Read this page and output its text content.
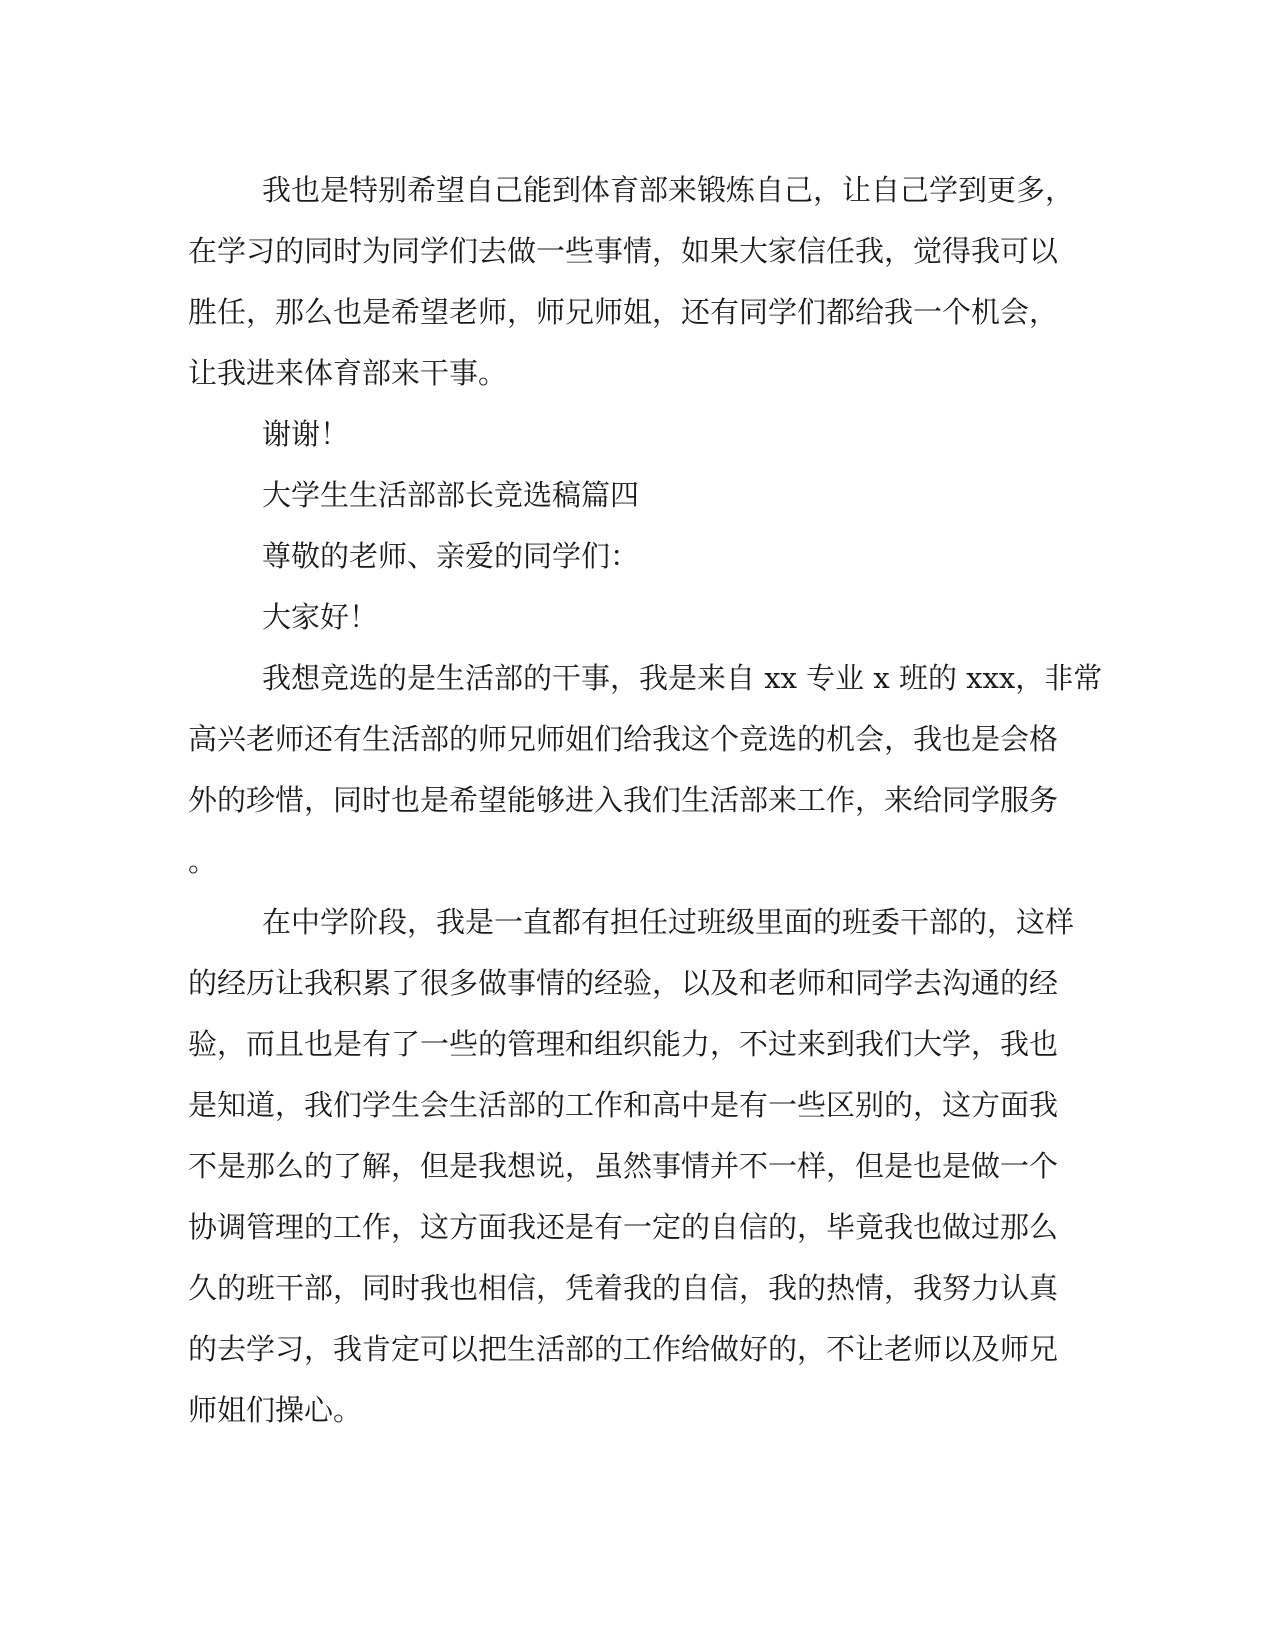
我也是特别希望自己能到体育部来锻炼自己，让自己学到更多，
在学习的同时为同学们去做一些事情，如果大家信任我，觉得我可以
胜任，那么也是希望老师，师兄师姐，还有同学们都给我一个机会，
让我进来体育部来干事。
谢谢！
大学生生活部部长竞选稿篇四
尊敬的老师、亲爱的同学们：
大家好！
我想竞选的是生活部的干事，我是来自 xx 专业 x 班的 xxx，非常
高兴老师还有生活部的师兄师姐们给我这个竞选的机会，我也是会格
外的珍惜，同时也是希望能够进入我们生活部来工作，来给同学服务
。
在中学阶段，我是一直都有担任过班级里面的班委干部的，这样
的经历让我积累了很多做事情的经验，以及和老师和同学去沟通的经
验，而且也是有了一些的管理和组织能力，不过来到我们大学，我也
是知道，我们学生会生活部的工作和高中是有一些区别的，这方面我
不是那么的了解，但是我想说，虽然事情并不一样，但是也是做一个
协调管理的工作，这方面我还是有一定的自信的，毕竟我也做过那么
久的班干部，同时我也相信，凭着我的自信，我的热情，我努力认真
的去学习，我肯定可以把生活部的工作给做好的，不让老师以及师兄
师姐们操心。
